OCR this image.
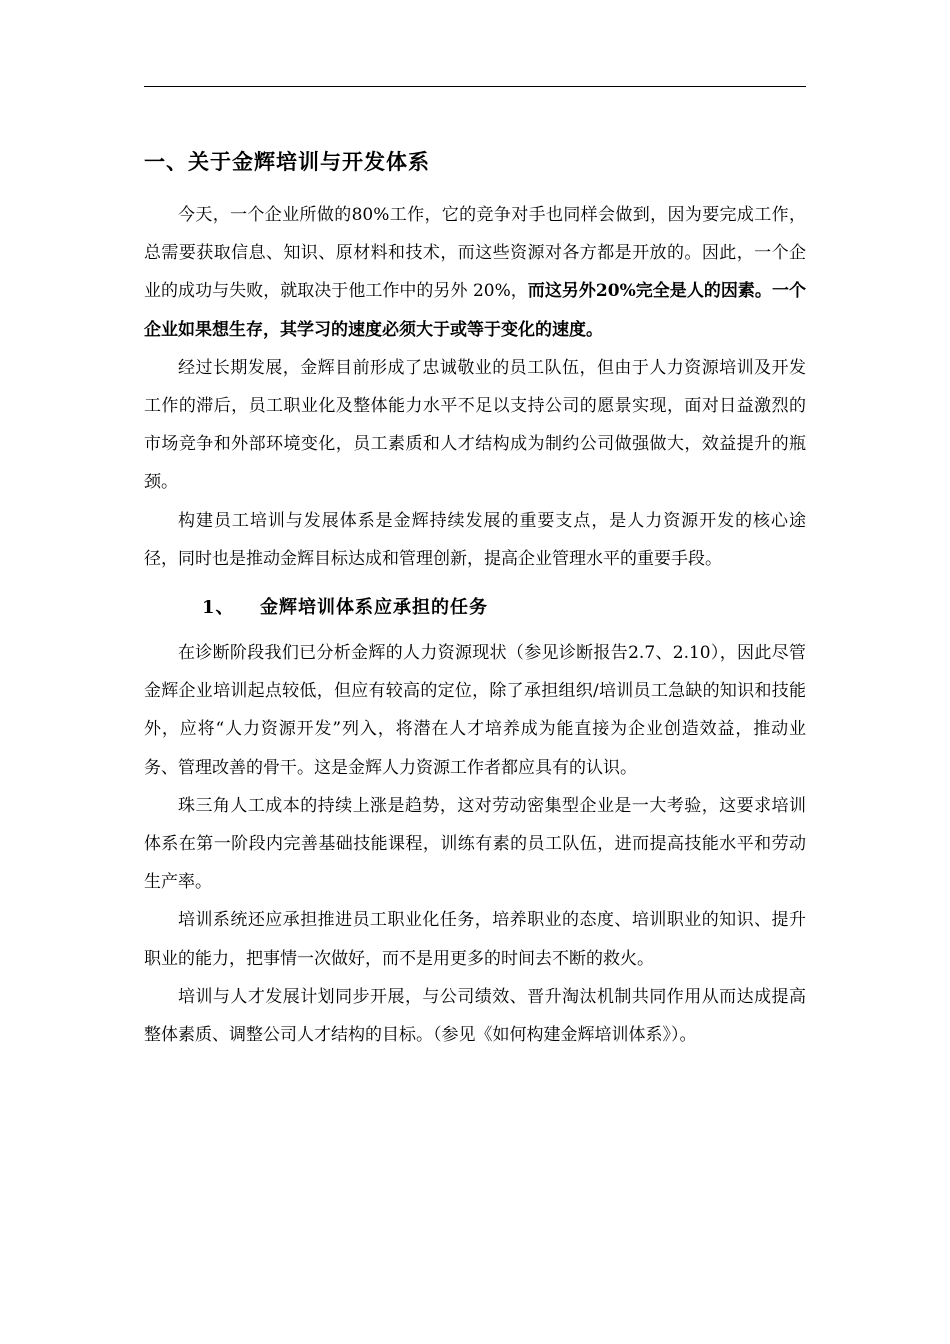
一、关于金辉培训与开发体系

今天，一个企业所做的80%工作，它的竞争对手也同样会做到，因为要完成工作，总需要获取信息、知识、原材料和技术，而这些资源对各方都是开放的。因此，一个企业的成功与失败，就取决于他工作中的另外 20%，而这另外20%完全是人的因素。一个企业如果想生存，其学习的速度必须大于或等于变化的速度。

经过长期发展，金辉目前形成了忠诚敬业的员工队伍，但由于人力资源培训及开发工作的滞后，员工职业化及整体能力水平不足以支持公司的愿景实现，面对日益激烈的市场竞争和外部环境变化，员工素质和人才结构成为制约公司做强做大，效益提升的瓶颈。

构建员工培训与发展体系是金辉持续发展的重要支点，是人力资源开发的核心途径，同时也是推动金辉目标达成和管理创新，提高企业管理水平的重要手段。

1、 金辉培训体系应承担的任务

在诊断阶段我们已分析金辉的人力资源现状（参见诊断报告2.7、2.10），因此尽管金辉企业培训起点较低，但应有较高的定位，除了承担组织/培训员工急缺的知识和技能外，应将“人力资源开发”列入，将潜在人才培养成为能直接为企业创造效益，推动业务、管理改善的骨干。这是金辉人力资源工作者都应具有的认识。

珠三角人工成本的持续上涨是趋势，这对劳动密集型企业是一大考验，这要求培训体系在第一阶段内完善基础技能课程，训练有素的员工队伍，进而提高技能水平和劳动生产率。

培训系统还应承担推进员工职业化任务，培养职业的态度、培训职业的知识、提升职业的能力，把事情一次做好，而不是用更多的时间去不断的救火。

培训与人才发展计划同步开展，与公司绩效、晋升淘汰机制共同作用从而达成提高整体素质、调整公司人才结构的目标。（参见《如何构建金辉培训体系》）。
